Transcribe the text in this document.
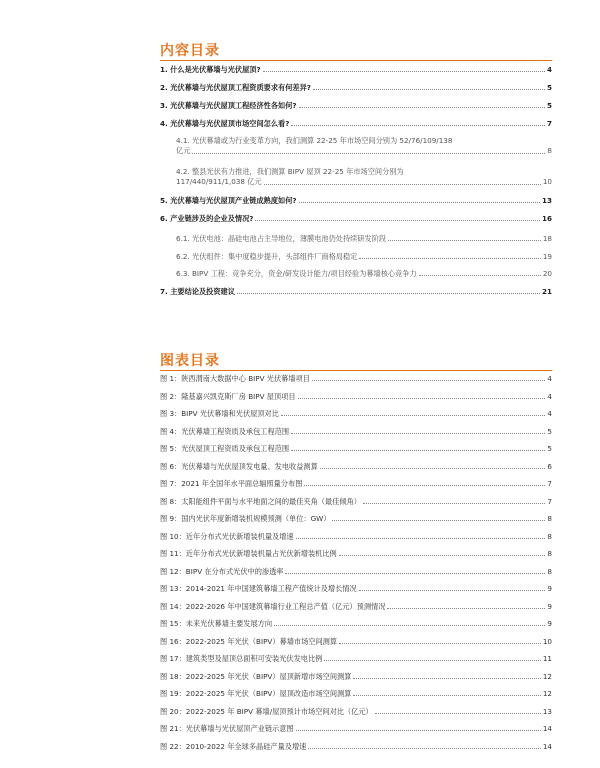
内容目录
1. 什么是光伏幕墙与光伏屋顶?	4
2. 光伏幕墙与光伏屋顶工程资质要求有何差异?	5
3. 光伏幕墙与光伏屋顶工程经济性各如何?	5
4. 光伏幕墙与光伏屋顶市场空间怎么看?	7
4.1. 光伏幕墙或为行业变革方向，我们测算 22-25 年市场空间分别为 52/76/109/138
亿元	8
4.2. 整县光伏有力推进，我们测算 BIPV 屋顶 22-25 年市场空间分别为
117/440/911/1,038 亿元	10
5. 光伏幕墙与光伏屋顶产业链成熟度如何?	13
6. 产业链涉及的企业及情况?	16
6.1. 光伏电池：晶硅电池占主导地位，薄膜电池仍处持续研发阶段	18
6.2. 光伏组件：集中度稳步提升，头部组件厂商格局稳定	19
6.3. BIPV 工程：竞争充分，资金/研发设计能力/项目经验为幕墙核心竞争力	20
7. 主要结论及投资建议	21
图表目录
图 1：陕西渭南大数据中心 BIPV 光伏幕墙项目	4
图 2：隆基嘉兴凯克斯厂房 BIPV 屋顶项目	4
图 3：BIPV 光伏幕墙和光伏屋顶对比	4
图 4：光伏幕墙工程资质及承包工程范围	5
图 5：光伏屋顶工程资质及承包工程范围	5
图 6：光伏幕墙与光伏屋顶发电量、发电收益测算	6
图 7：2021 年全国年水平面总辐照量分布图	7
图 8：太阳能组件平面与水平地面之间的最佳夹角（最佳倾角）	7
图 9：国内光伏年度新增装机规模预测（单位：GW）	8
图 10：近年分布式光伏新增装机量及增速	8
图 11：近年分布式光伏新增装机量占光伏新增装机比例	8
图 12：BIPV 在分布式光伏中的渗透率	8
图 13：2014-2021 年中国建筑幕墙工程产值统计及增长情况	9
图 14：2022-2026 年中国建筑幕墙行业工程总产值（亿元）预测情况	9
图 15：未来光伏幕墙主要发展方向	9
图 16：2022-2025 年光伏（BIPV）幕墙市场空间测算	10
图 17：建筑类型及屋顶总面积可安装光伏发电比例	11
图 18：2022-2025 年光伏（BIPV）屋顶新增市场空间测算	12
图 19：2022-2025 年光伏（BIPV）屋顶改造市场空间测算	12
图 20：2022-2025 年 BIPV 幕墙/屋顶预计市场空间对比（亿元）	13
图 21：光伏幕墙与光伏屋顶产业链示意图	14
图 22：2010-2022 年全球多晶硅产量及增速	14
